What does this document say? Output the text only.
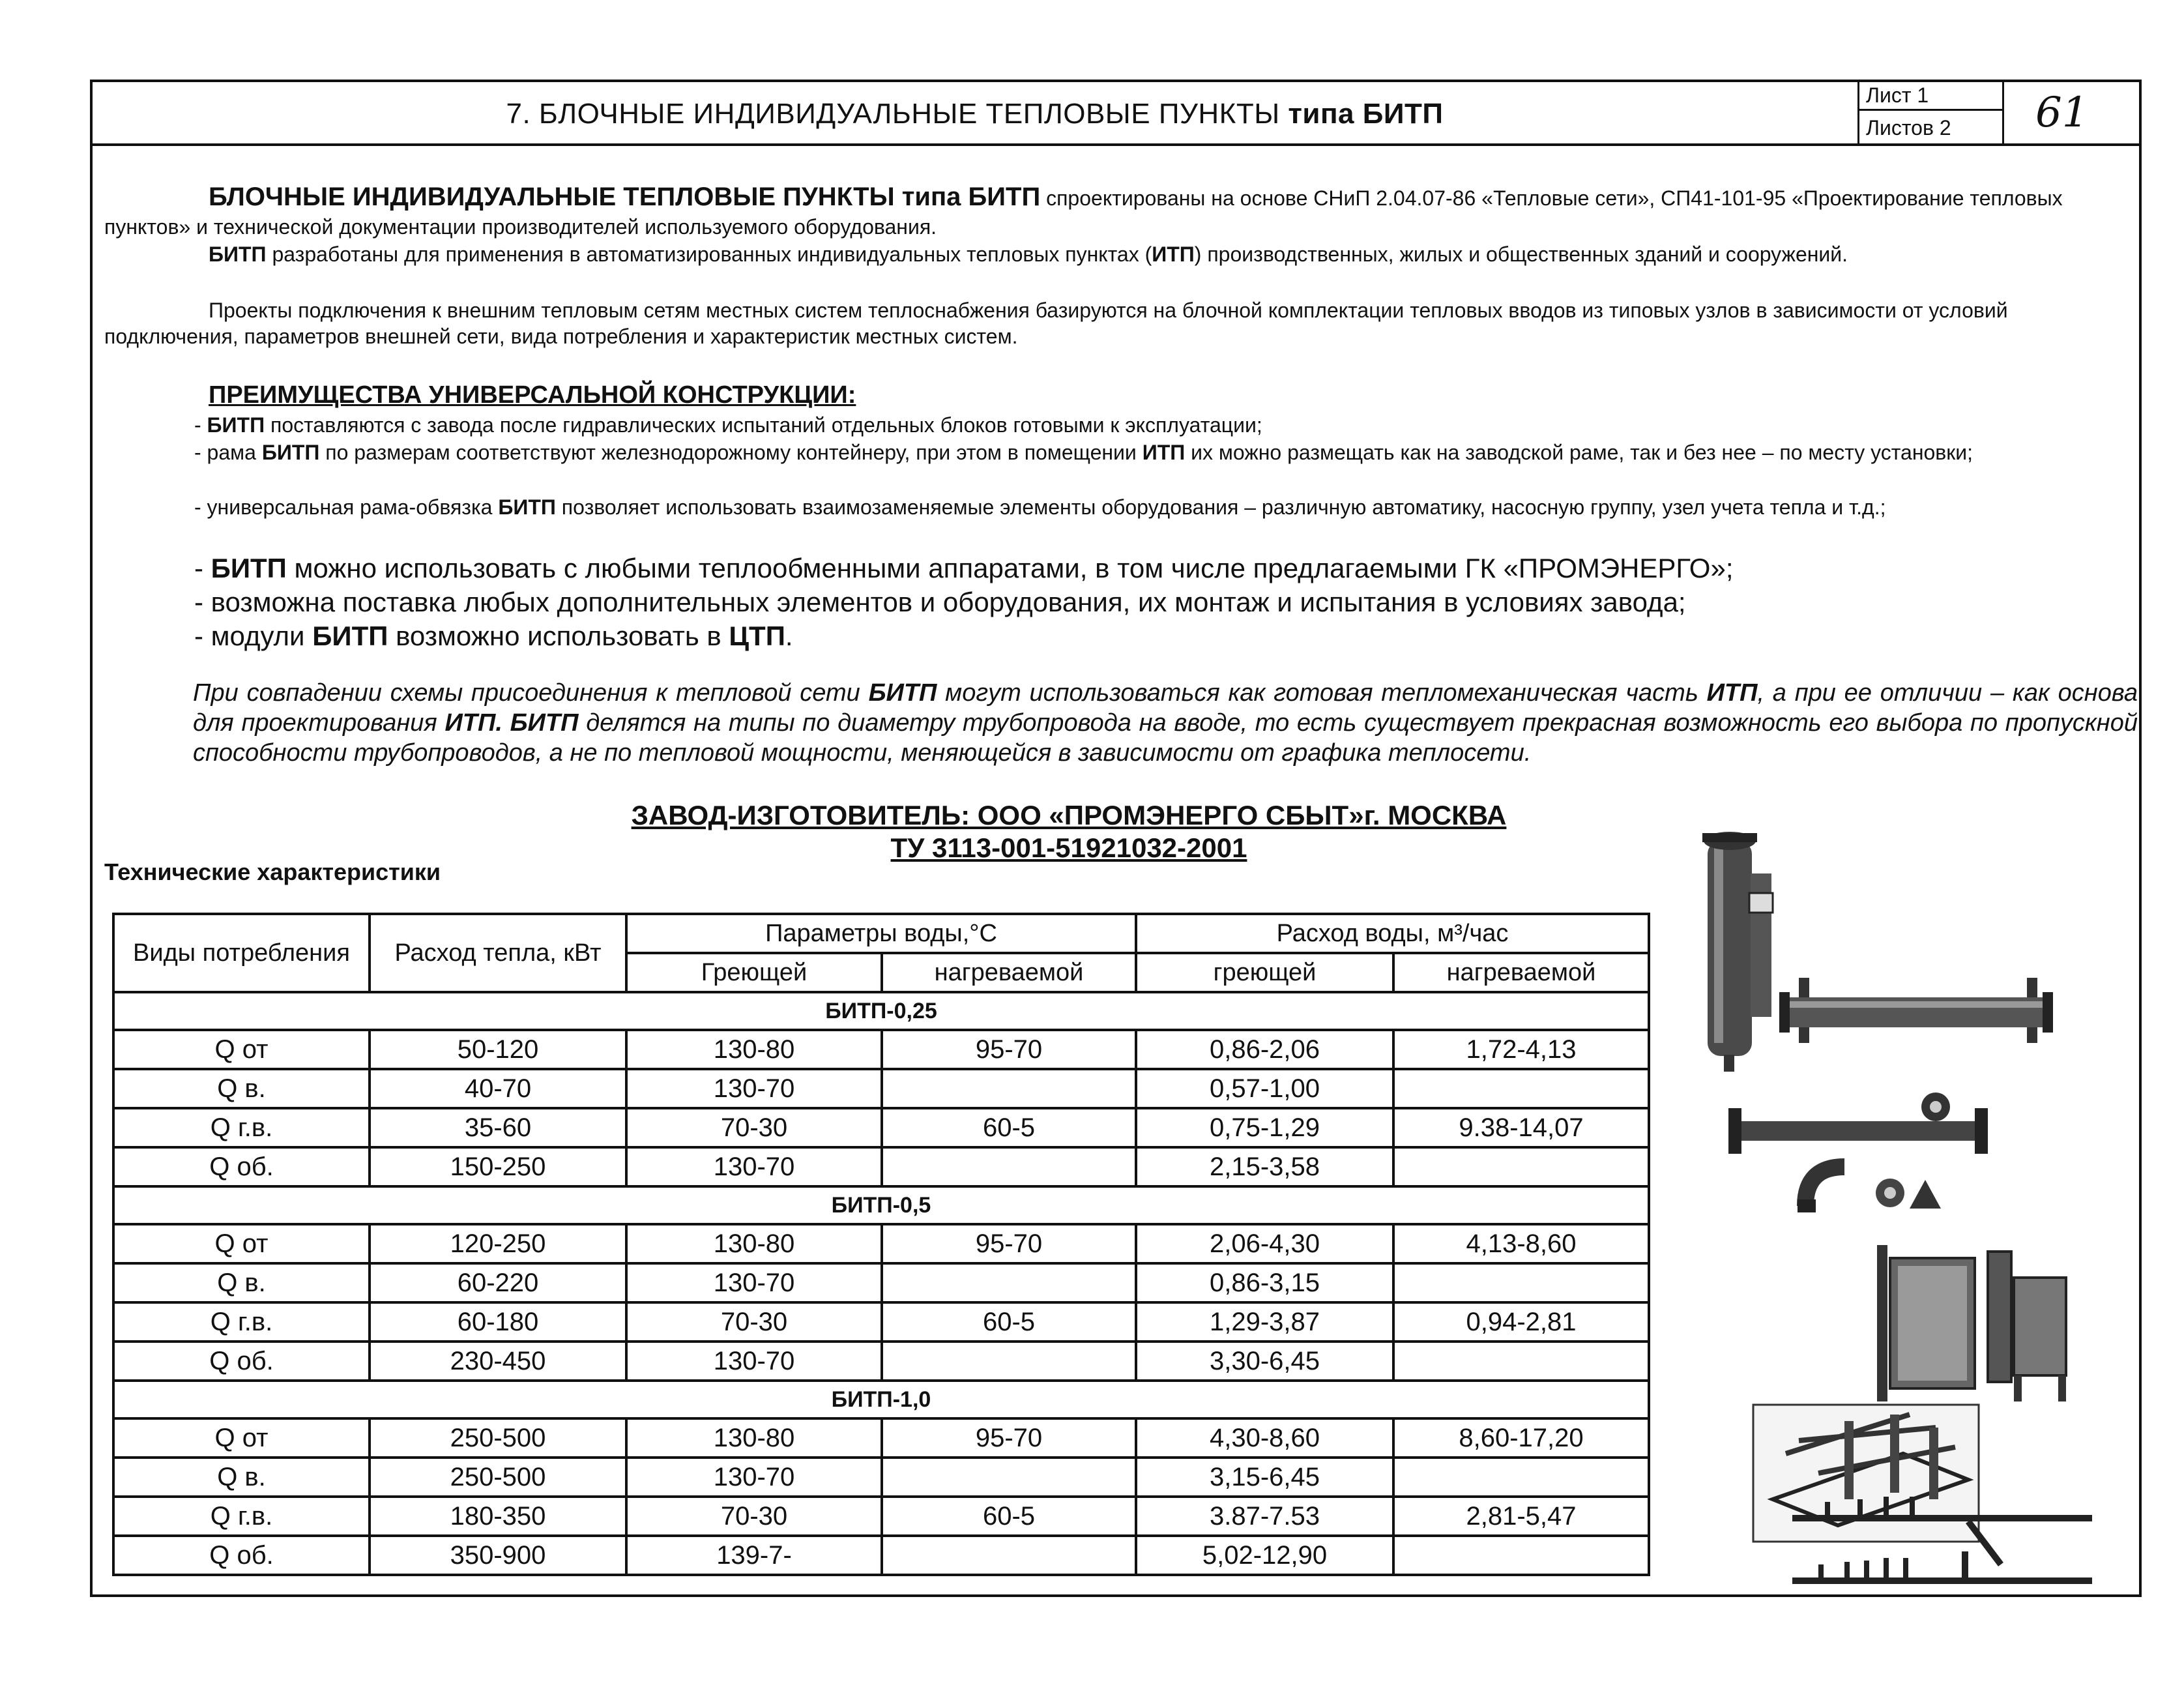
7. БЛОЧНЫЕ ИНДИВИДУАЛЬНЫЕ ТЕПЛОВЫЕ ПУНКТЫ типа БИТП
Лист 1
Листов 2	61
БЛОЧНЫЕ ИНДИВИДУАЛЬНЫЕ ТЕПЛОВЫЕ ПУНКТЫ типа БИТП спроектированы на основе СНиП 2.04.07-86 «Тепловые сети», СП41-101-95 «Проектирование тепловых пунктов» и технической документации производителей используемого оборудования.
БИТП разработаны для применения в автоматизированных индивидуальных тепловых пунктах (ИТП) производственных, жилых и общественных зданий и сооружений.
Проекты подключения к внешним тепловым сетям местных систем теплоснабжения базируются на блочной комплектации тепловых вводов из типовых узлов в зависимости от условий подключения, параметров внешней сети, вида потребления и характеристик местных систем.
ПРЕИМУЩЕСТВА УНИВЕРСАЛЬНОЙ КОНСТРУКЦИИ:
- БИТП поставляются с завода после гидравлических испытаний отдельных блоков готовыми к эксплуатации;
- рама БИТП по размерам соответствуют железнодорожному контейнеру, при этом в помещении ИТП их можно размещать как на заводской раме, так и без нее – по месту установки;
- универсальная рама-обвязка БИТП позволяет использовать взаимозаменяемые элементы оборудования – различную автоматику, насосную группу, узел учета тепла и т.д.;
- БИТП можно использовать с любыми теплообменными аппаратами, в том числе предлагаемыми ГК «ПРОМЭНЕРГО»;
- возможна поставка любых дополнительных элементов и оборудования, их монтаж и испытания в условиях завода;
- модули БИТП возможно использовать в ЦТП.
При совпадении схемы присоединения к тепловой сети БИТП могут использоваться как готовая тепломеханическая часть ИТП, а при ее отличии – как основа для проектирования ИТП. БИТП делятся на типы по диаметру трубопровода на вводе, то есть существует прекрасная возможность его выбора по пропускной способности трубопроводов, а не по тепловой мощности, меняющейся в зависимости от графика теплосети.
ЗАВОД-ИЗГОТОВИТЕЛЬ: ООО «ПРОМЭНЕРГО СБЫТ»г. МОСКВА
ТУ 3113-001-51921032-2001
Технические характеристики
Виды потребления	Расход тепла, кВт	Параметры воды,°С		Расход воды, м³/час	
		Греющей	нагреваемой	греющей	нагреваемой
БИТП-0,25					
Q от	50-120	130-80	95-70	0,86-2,06	1,72-4,13
Q в.	40-70	130-70		0,57-1,00	
Q г.в.	35-60	70-30	60-5	0,75-1,29	9.38-14,07
Q об.	150-250	130-70		2,15-3,58	
БИТП-0,5					
Q от	120-250	130-80	95-70	2,06-4,30	4,13-8,60
Q в.	60-220	130-70		0,86-3,15	
Q г.в.	60-180	70-30	60-5	1,29-3,87	0,94-2,81
Q об.	230-450	130-70		3,30-6,45	
БИТП-1,0					
Q от	250-500	130-80	95-70	4,30-8,60	8,60-17,20
Q в.	250-500	130-70		3,15-6,45	
Q г.в.	180-350	70-30	60-5	3.87-7.53	2,81-5,47
Q об.	350-900	139-7-		5,02-12,90	
